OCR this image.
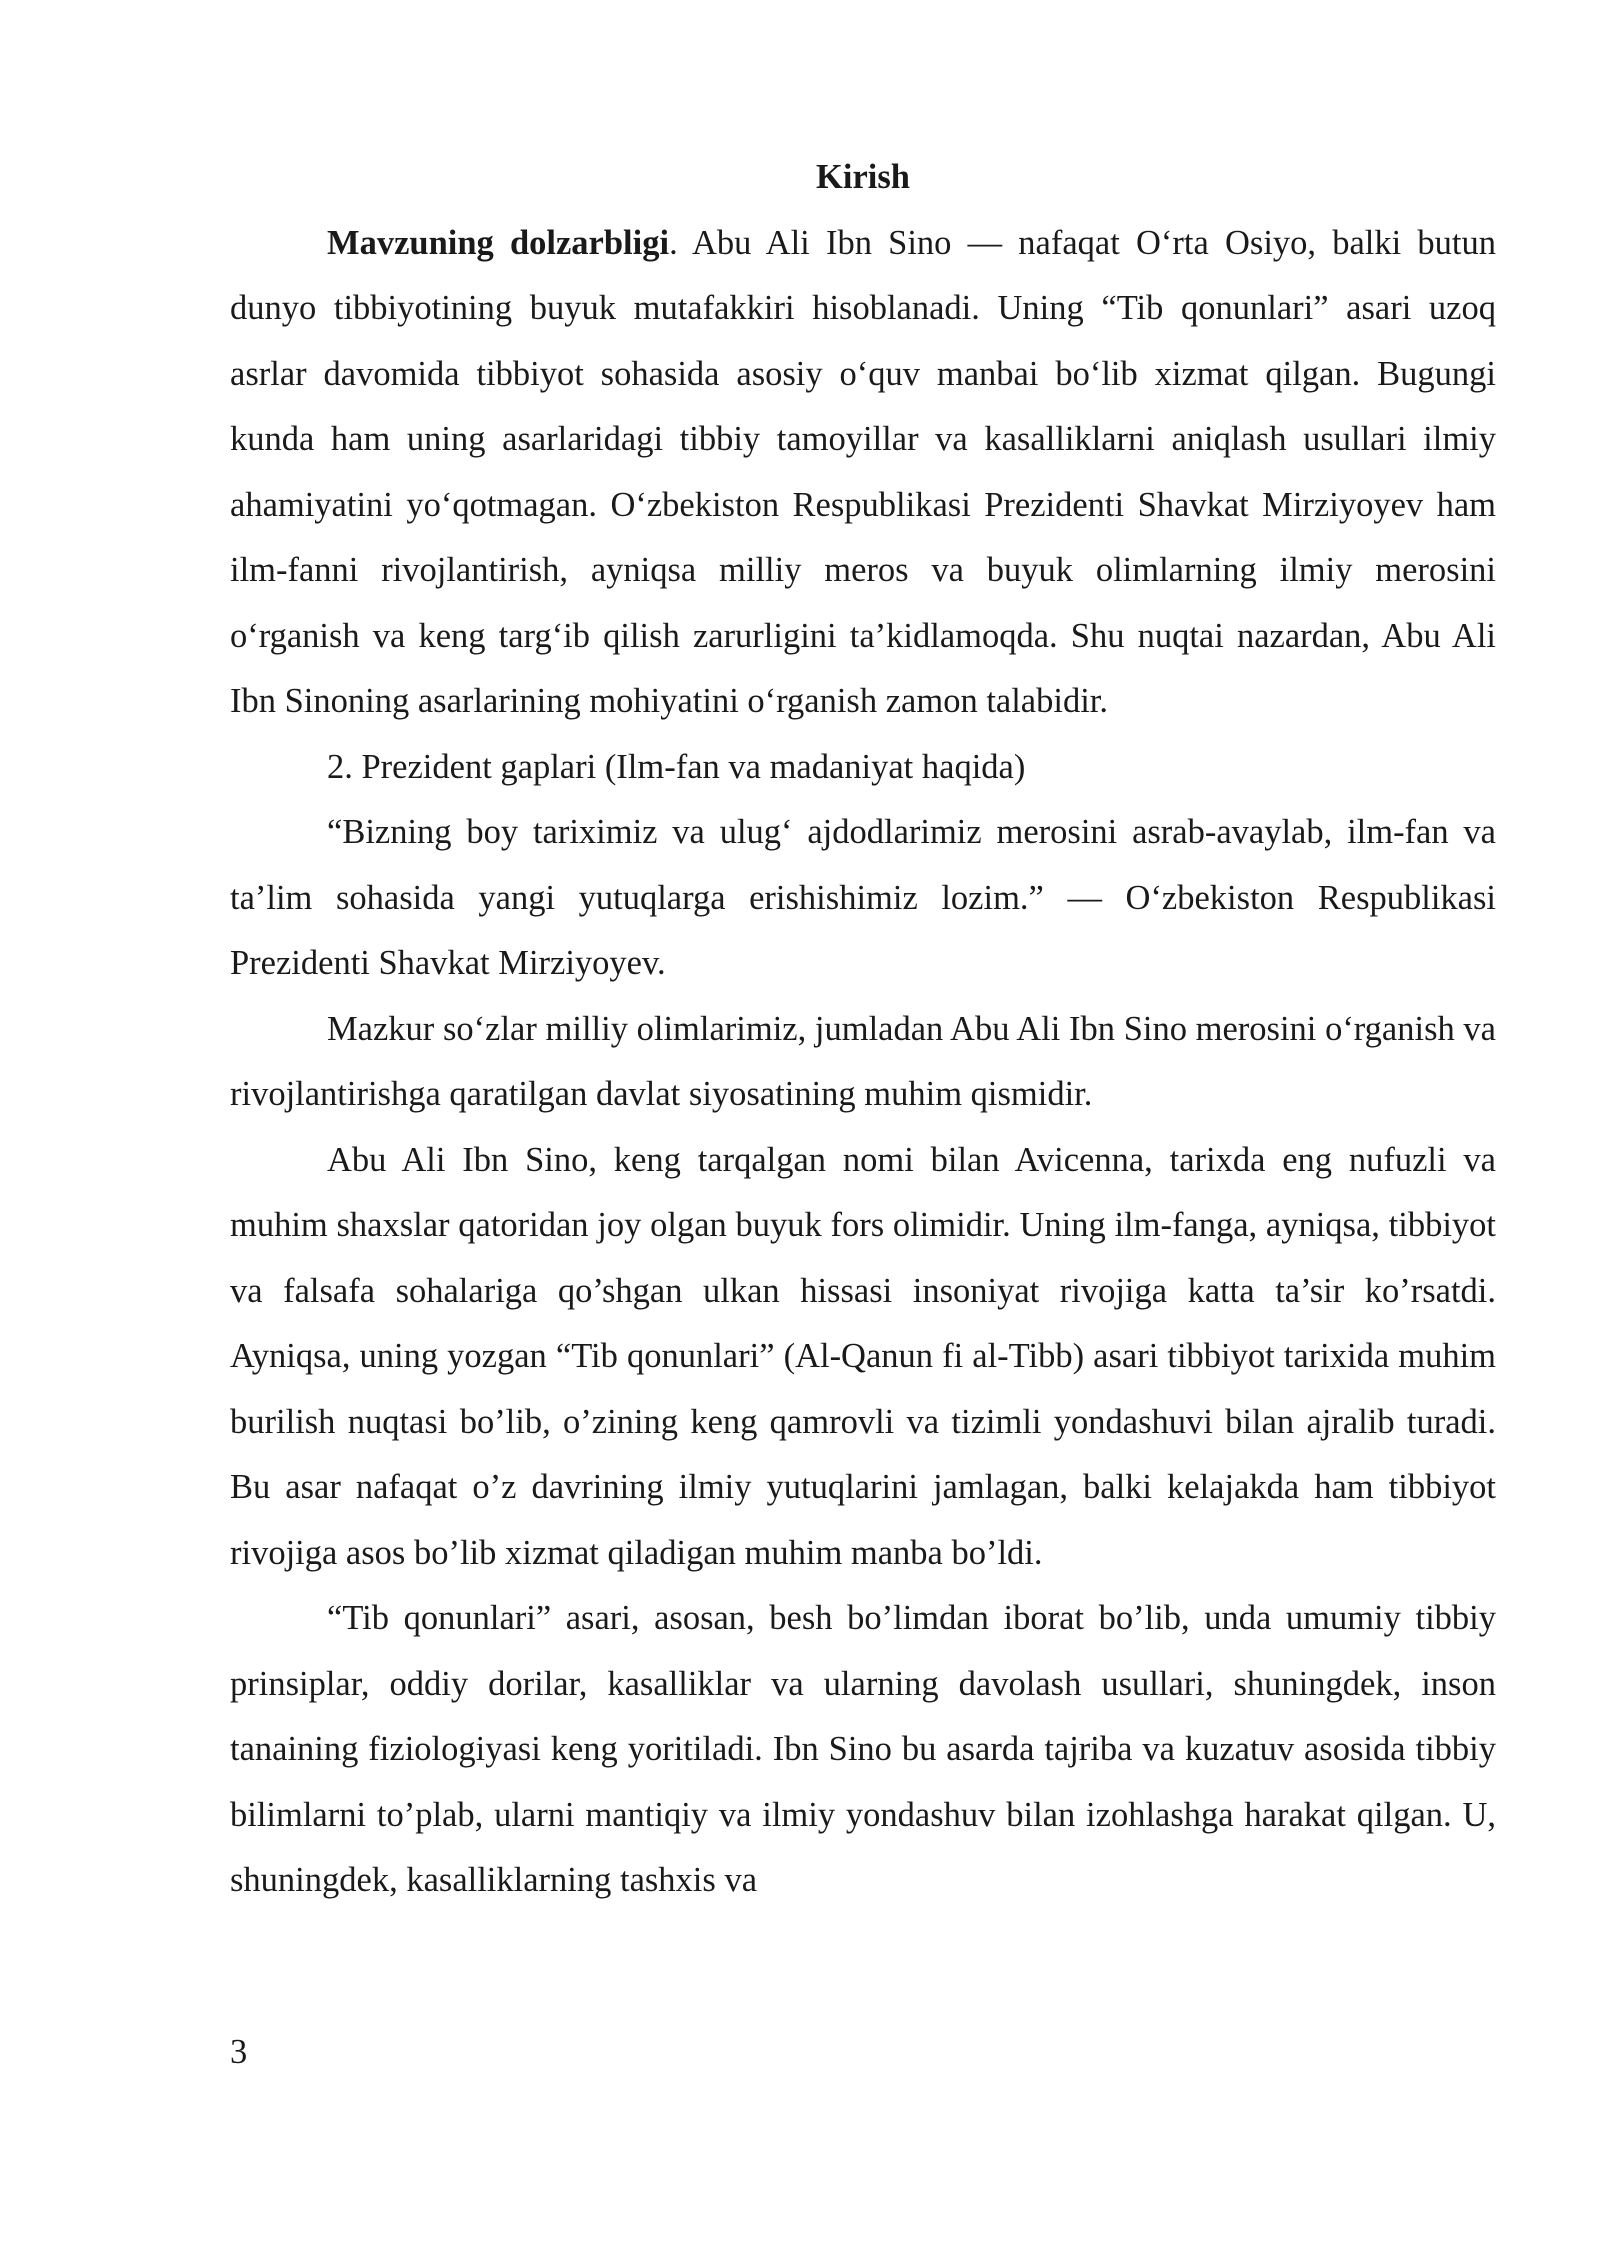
Kirish

Mavzuning dolzarbligi. Abu Ali Ibn Sino — nafaqat O‘rta Osiyo, balki butun dunyo tibbiyotining buyuk mutafakkiri hisoblanadi. Uning “Tib qonunlari” asari uzoq asrlar davomida tibbiyot sohasida asosiy o‘quv manbai bo‘lib xizmat qilgan. Bugungi kunda ham uning asarlaridagi tibbiy tamoyillar va kasalliklarni aniqlash usullari ilmiy ahamiyatini yo‘qotmagan. O‘zbekiston Respublikasi Prezidenti Shavkat Mirziyoyev ham ilm-fanni rivojlantirish, ayniqsa milliy meros va buyuk olimlarning ilmiy merosini o‘rganish va keng targ‘ib qilish zarurligini ta’kidlamoqda. Shu nuqtai nazardan, Abu Ali Ibn Sinoning asarlarining mohiyatini o‘rganish zamon talabidir.

2. Prezident gaplari (Ilm-fan va madaniyat haqida)

“Bizning boy tariximiz va ulug‘ ajdodlarimiz merosini asrab-avaylab, ilm-fan va ta’lim sohasida yangi yutuqlarga erishishimiz lozim.” — O‘zbekiston Respublikasi Prezidenti Shavkat Mirziyoyev.

Mazkur so‘zlar milliy olimlarimiz, jumladan Abu Ali Ibn Sino merosini o‘rganish va rivojlantirishga qaratilgan davlat siyosatining muhim qismidir.

Abu Ali Ibn Sino, keng tarqalgan nomi bilan Avicenna, tarixda eng nufuzli va muhim shaxslar qatoridan joy olgan buyuk fors olimidir. Uning ilm-fanga, ayniqsa, tibbiyot va falsafa sohalariga qo’shgan ulkan hissasi insoniyat rivojiga katta ta’sir ko’rsatdi. Ayniqsa, uning yozgan “Tib qonunlari” (Al-Qanun fi al-Tibb) asari tibbiyot tarixida muhim burilish nuqtasi bo’lib, o’zining keng qamrovli va tizimli yondashuvi bilan ajralib turadi. Bu asar nafaqat o’z davrining ilmiy yutuqlarini jamlagan, balki kelajakda ham tibbiyot rivojiga asos bo’lib xizmat qiladigan muhim manba bo’ldi.

“Tib qonunlari” asari, asosan, besh bo’limdan iborat bo’lib, unda umumiy tibbiy prinsiplar, oddiy dorilar, kasalliklar va ularning davolash usullari, shuningdek, inson tanaining fiziologiyasi keng yoritiladi. Ibn Sino bu asarda tajriba va kuzatuv asosida tibbiy bilimlarni to’plab, ularni mantiqiy va ilmiy yondashuv bilan izohlashga harakat qilgan. U, shuningdek, kasalliklarning tashxis va

3
